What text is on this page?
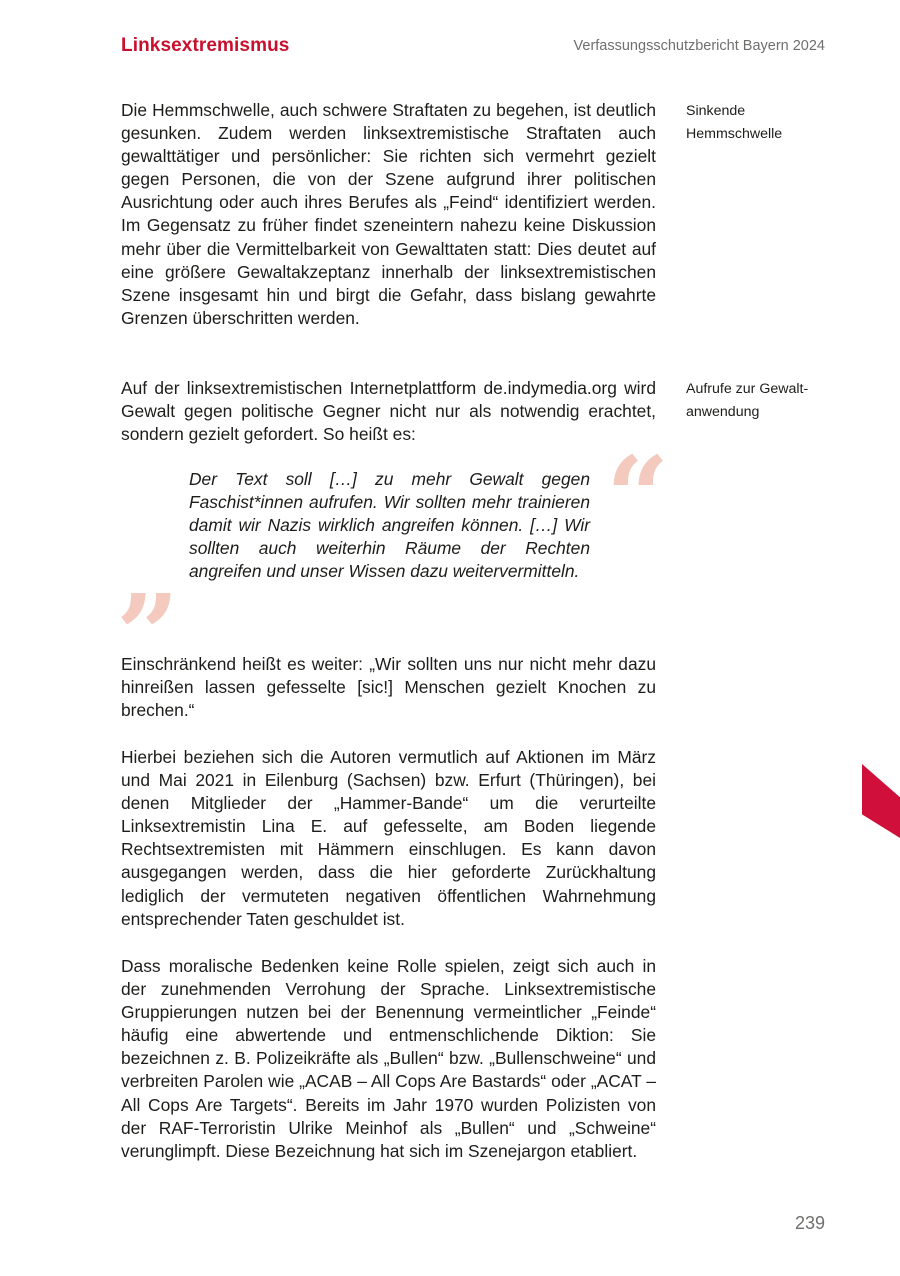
Linksextremismus	Verfassungsschutzbericht Bayern 2024

Die Hemmschwelle, auch schwere Straftaten zu begehen, ist deutlich gesunken. Zudem werden linksextremistische Straftaten auch gewalttätiger und persönlicher: Sie richten sich vermehrt gezielt gegen Personen, die von der Szene aufgrund ihrer politischen Ausrichtung oder auch ihres Berufes als „Feind“ identifiziert werden. Im Gegensatz zu früher findet szeneintern nahezu keine Diskussion mehr über die Vermittelbarkeit von Gewalttaten statt: Dies deutet auf eine größere Gewaltakzeptanz innerhalb der linksextremistischen Szene insgesamt hin und birgt die Gefahr, dass bislang gewahrte Grenzen überschritten werden.

Sinkende Hemmschwelle

Auf der linksextremistischen Internetplattform de.indymedia.org wird Gewalt gegen politische Gegner nicht nur als notwendig erachtet, sondern gezielt gefordert. So heißt es:

Aufrufe zur Gewalt-anwendung
“
Der Text soll […] zu mehr Gewalt gegen Faschist*innen aufrufen. Wir sollten mehr trainieren damit wir Nazis wirklich angreifen können. […] Wir sollten auch weiterhin Räume der Rechten angreifen und unser Wissen dazu weitervermitteln.
”

Einschränkend heißt es weiter: „Wir sollten uns nur nicht mehr dazu hinreißen lassen gefesselte [sic!] Menschen gezielt Knochen zu brechen.“

Hierbei beziehen sich die Autoren vermutlich auf Aktionen im März und Mai 2021 in Eilenburg (Sachsen) bzw. Erfurt (Thüringen), bei denen Mitglieder der „Hammer-Bande“ um die verurteilte Linksextremistin Lina E. auf gefesselte, am Boden liegende Rechtsextremisten mit Hämmern einschlugen. Es kann davon ausgegangen werden, dass die hier geforderte Zurückhaltung lediglich der vermuteten negativen öffentlichen Wahrnehmung entsprechender Taten geschuldet ist.

Dass moralische Bedenken keine Rolle spielen, zeigt sich auch in der zunehmenden Verrohung der Sprache. Linksextremistische Gruppierungen nutzen bei der Benennung vermeintlicher „Feinde“ häufig eine abwertende und entmenschlichende Diktion: Sie bezeichnen z. B. Polizeikräfte als „Bullen“ bzw. „Bullenschweine“ und verbreiten Parolen wie „ACAB – All Cops Are Bastards“ oder „ACAT – All Cops Are Targets“. Bereits im Jahr 1970 wurden Polizisten von der RAF-Terroristin Ulrike Meinhof als „Bullen“ und „Schweine“ verunglimpft. Diese Bezeichnung hat sich im Szenejargon etabliert.

239
